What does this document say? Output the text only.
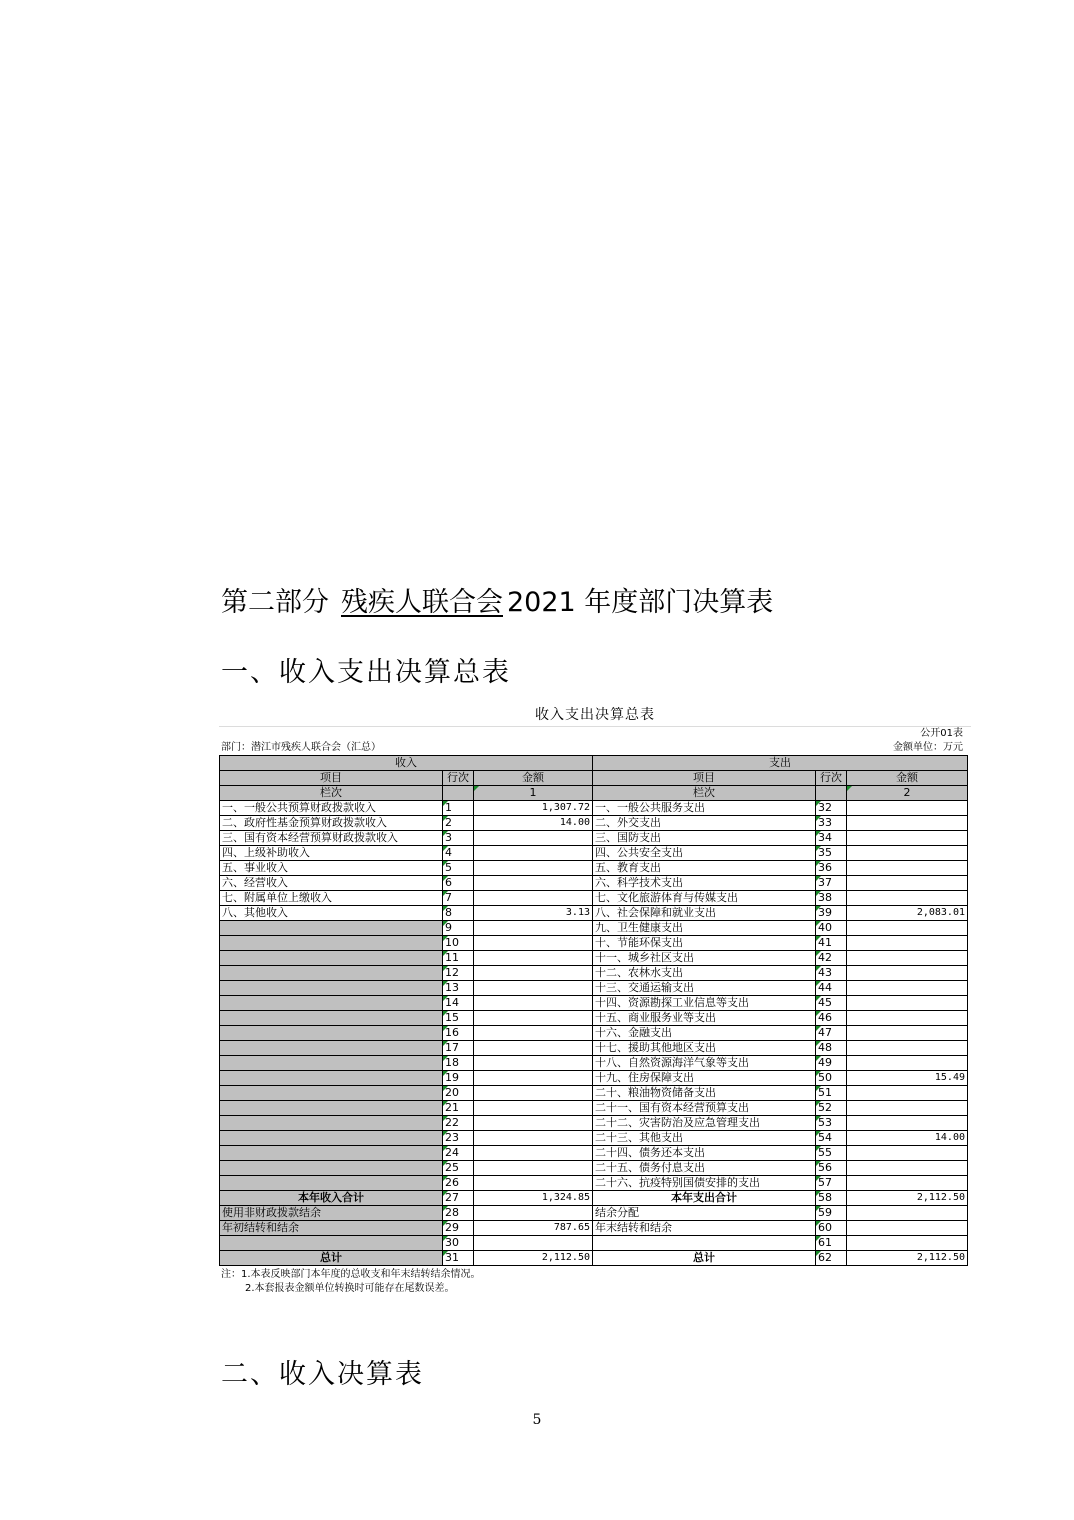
第二部分 残疾人联合会 2021 年度部门决算表
一、收入支出决算总表
收入支出决算总表
公开01表
部门：潜江市残疾人联合会（汇总）	金额单位：万元
收入			支出		
项目	行次	金额	项目	行次	金额
栏次		1	栏次		2
一、一般公共预算财政拨款收入	1	1,307.72	一、一般公共服务支出	32	
二、政府性基金预算财政拨款收入	2	14.00	二、外交支出	33	
三、国有资本经营预算财政拨款收入	3		三、国防支出	34	
四、上级补助收入	4		四、公共安全支出	35	
五、事业收入	5		五、教育支出	36	
六、经营收入	6		六、科学技术支出	37	
七、附属单位上缴收入	7		七、文化旅游体育与传媒支出	38	
八、其他收入	8	3.13	八、社会保障和就业支出	39	2,083.01
	9		九、卫生健康支出	40	
	10		十、节能环保支出	41	
	11		十一、城乡社区支出	42	
	12		十二、农林水支出	43	
	13		十三、交通运输支出	44	
	14		十四、资源勘探工业信息等支出	45	
	15		十五、商业服务业等支出	46	
	16		十六、金融支出	47	
	17		十七、援助其他地区支出	48	
	18		十八、自然资源海洋气象等支出	49	
	19		十九、住房保障支出	50	15.49
	20		二十、粮油物资储备支出	51	
	21		二十一、国有资本经营预算支出	52	
	22		二十二、灾害防治及应急管理支出	53	
	23		二十三、其他支出	54	14.00
	24		二十四、债务还本支出	55	
	25		二十五、债务付息支出	56	
	26		二十六、抗疫特别国债安排的支出	57	
本年收入合计	27	1,324.85	本年支出合计	58	2,112.50
使用非财政拨款结余	28		结余分配	59	
年初结转和结余	29	787.65	年末结转和结余	60	
	30			61	
总计	31	2,112.50	总计	62	2,112.50
注：1.本表反映部门本年度的总收支和年末结转结余情况。
2.本套报表金额单位转换时可能存在尾数误差。
二、收入决算表
5
